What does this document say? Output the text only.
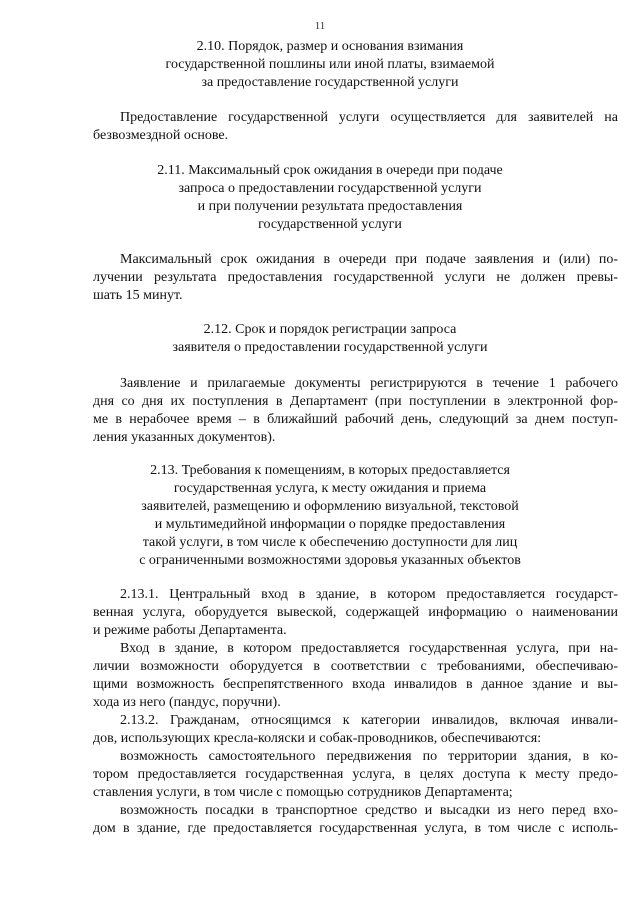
11
2.10. Порядок, размер и основания взимания
государственной пошлины или иной платы, взимаемой
за предоставление государственной услуги
Предоставление государственной услуги осуществляется для заявителей на
безвозмездной основе.
2.11. Максимальный срок ожидания в очереди при подаче
запроса о предоставлении государственной услуги
и при получении результата предоставления
государственной услуги
Максимальный срок ожидания в очереди при подаче заявления и (или) по-
лучении результата предоставления государственной услуги не должен превы-
шать 15 минут.
2.12. Срок и порядок регистрации запроса
заявителя о предоставлении государственной услуги
Заявление и прилагаемые документы регистрируются в течение 1 рабочего
дня со дня их поступления в Департамент (при поступлении в электронной фор-
ме в нерабочее время – в ближайший рабочий день, следующий за днем поступ-
ления указанных документов).
2.13. Требования к помещениям, в которых предоставляется
государственная услуга, к месту ожидания и приема
заявителей, размещению и оформлению визуальной, текстовой
и мультимедийной информации о порядке предоставления
такой услуги, в том числе к обеспечению доступности для лиц
с ограниченными возможностями здоровья указанных объектов
2.13.1. Центральный вход в здание, в котором предоставляется государст-
венная услуга, оборудуется вывеской, содержащей информацию о наименовании
и режиме работы Департамента.
Вход в здание, в котором предоставляется государственная услуга, при на-
личии возможности оборудуется в соответствии с требованиями, обеспечиваю-
щими возможность беспрепятственного входа инвалидов в данное здание и вы-
хода из него (пандус, поручни).
2.13.2. Гражданам, относящимся к категории инвалидов, включая инвали-
дов, использующих кресла-коляски и собак-проводников, обеспечиваются:
возможность самостоятельного передвижения по территории здания, в ко-
тором предоставляется государственная услуга, в целях доступа к месту предо-
ставления услуги, в том числе с помощью сотрудников Департамента;
возможность посадки в транспортное средство и высадки из него перед вхо-
дом в здание, где предоставляется государственная услуга, в том числе с исполь-
